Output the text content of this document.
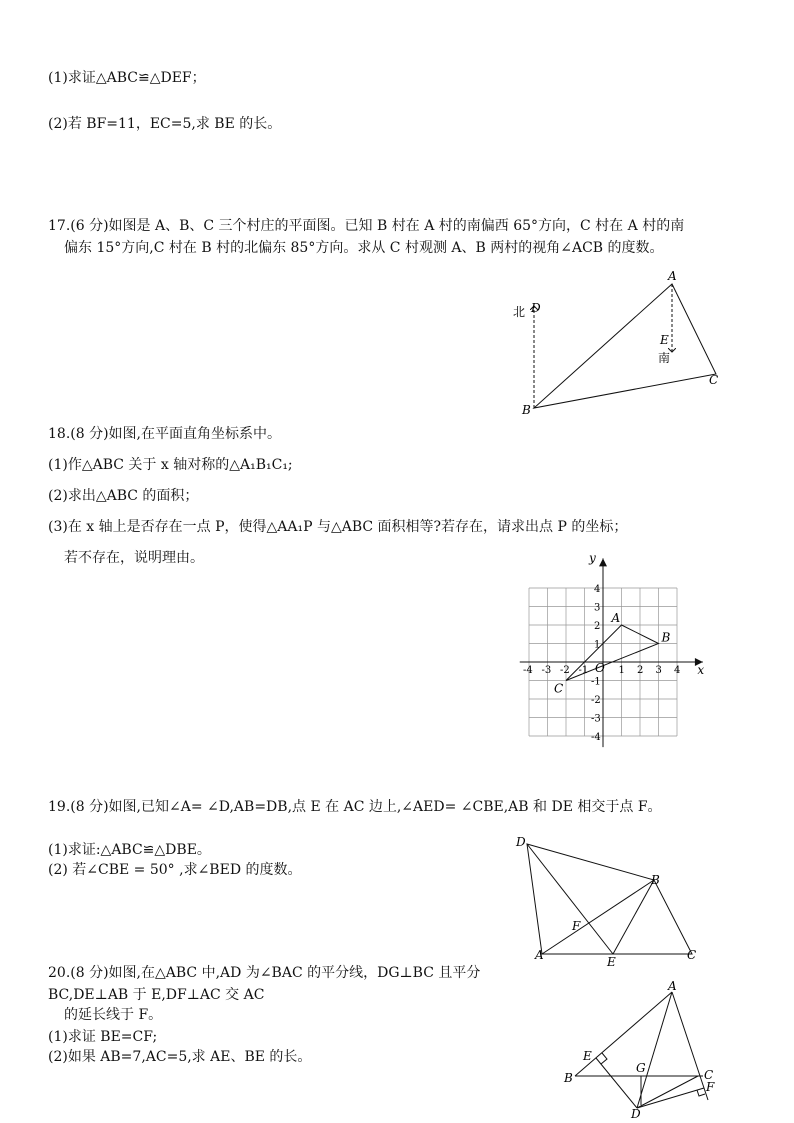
(1)求证△ABC≌△DEF；
(2)若 BF=11，EC=5,求 BE 的长。
17.(6 分)如图是 A、B、C 三个村庄的平面图。已知 B 村在 A 村的南偏西 65°方向，C 村在 A 村的南
偏东 15°方向,C 村在 B 村的北偏东 85°方向。求从 C 村观测 A、B 两村的视角∠ACB 的度数。
A
B
C
D
E
北
南
18.(8 分)如图,在平面直角坐标系中。
(1)作△ABC 关于 x 轴对称的△A₁B₁C₁;
(2)求出△ABC 的面积；
(3)在 x 轴上是否存在一点 P，使得△AA₁P 与△ABC 面积相等?若存在，请求出点 P 的坐标；
若不存在，说明理由。
-4 -3 -2 -1	1 2 3 4
4
3
2
1
-1
-2
-3
-4
A
B
C
O	x
y
19.(8 分)如图,已知∠A= ∠D,AB=DB,点 E 在 AC 边上,∠AED= ∠CBE,AB 和 DE 相交于点 F。
(1)求证:△ABC≌△DBE。
(2) 若∠CBE = 50° ,求∠BED 的度数。
D
B
F
A	E	C
20.(8 分)如图,在△ABC 中,AD 为∠BAC 的平分线，DG⊥BC 且平分
BC,DE⊥AB 于 E,DF⊥AC 交 AC
的延长线于 F。
(1)求证 BE=CF;
(2)如果 AB=7,AC=5,求 AE、BE 的长。
A
E
B
G	C
F
D
